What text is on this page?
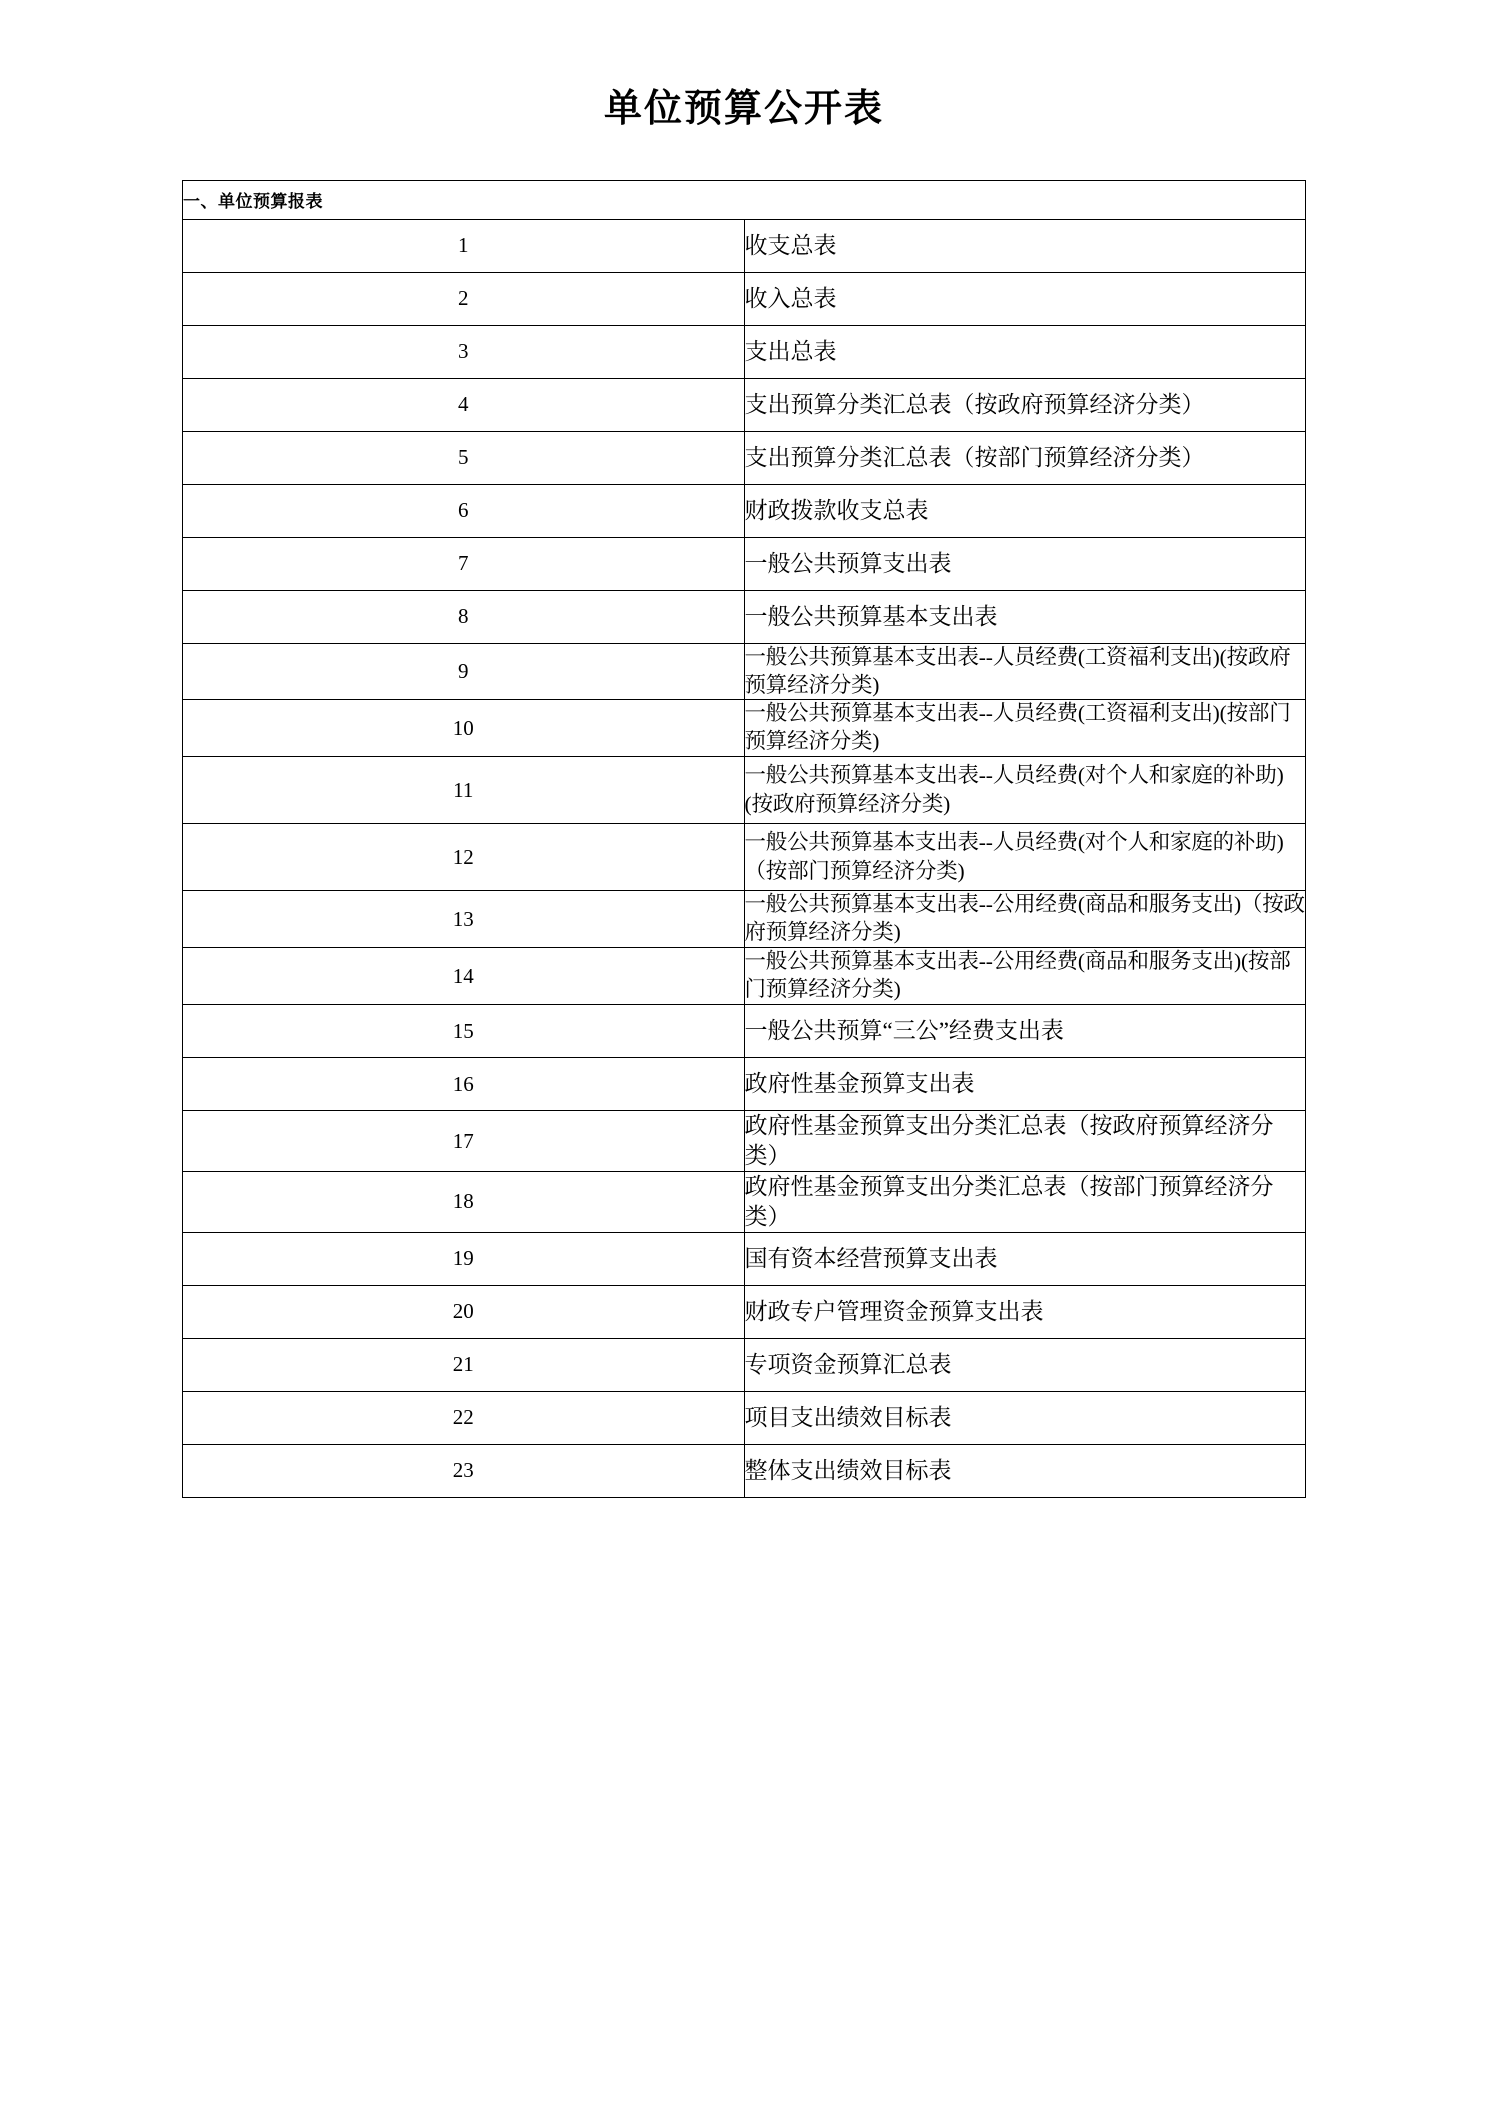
单位预算公开表
一、单位预算报表	
1	收支总表
2	收入总表
3	支出总表
4	支出预算分类汇总表（按政府预算经济分类）
5	支出预算分类汇总表（按部门预算经济分类）
6	财政拨款收支总表
7	一般公共预算支出表
8	一般公共预算基本支出表
9	一般公共预算基本支出表--人员经费(工资福利支出)(按政府预算经济分类)
10	一般公共预算基本支出表--人员经费(工资福利支出)(按部门预算经济分类)
11	一般公共预算基本支出表--人员经费(对个人和家庭的补助)(按政府预算经济分类)
12	一般公共预算基本支出表--人员经费(对个人和家庭的补助)（按部门预算经济分类)
13	一般公共预算基本支出表--公用经费(商品和服务支出)（按政府预算经济分类)
14	一般公共预算基本支出表--公用经费(商品和服务支出)(按部门预算经济分类)
15	一般公共预算“三公”经费支出表
16	政府性基金预算支出表
17	政府性基金预算支出分类汇总表（按政府预算经济分类）
18	政府性基金预算支出分类汇总表（按部门预算经济分类）
19	国有资本经营预算支出表
20	财政专户管理资金预算支出表
21	专项资金预算汇总表
22	项目支出绩效目标表
23	整体支出绩效目标表
